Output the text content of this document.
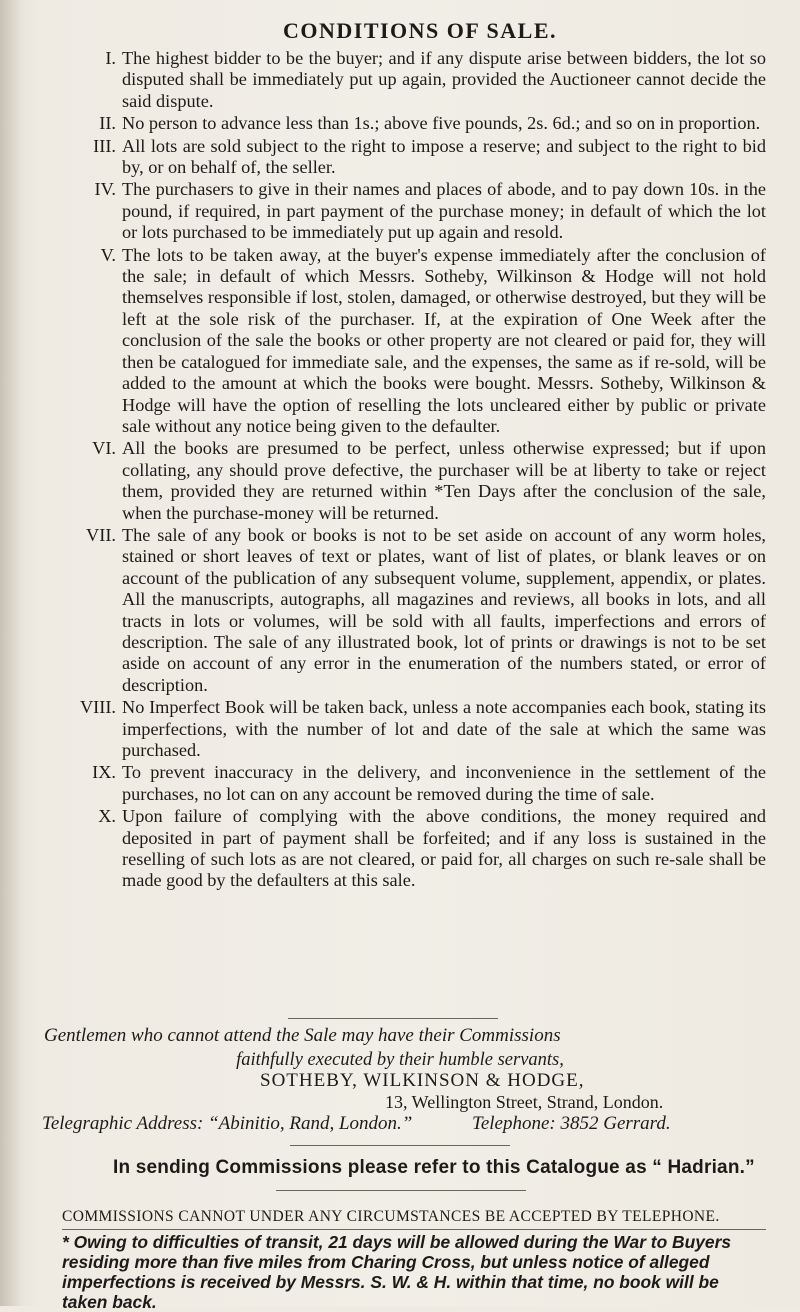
CONDITIONS OF SALE.
I. The highest bidder to be the buyer; and if any dispute arise between bidders, the lot so disputed shall be immediately put up again, provided the Auctioneer cannot decide the said dispute.
II. No person to advance less than 1s.; above five pounds, 2s. 6d.; and so on in proportion.
III. All lots are sold subject to the right to impose a reserve; and subject to the right to bid by, or on behalf of, the seller.
IV. The purchasers to give in their names and places of abode, and to pay down 10s. in the pound, if required, in part payment of the purchase money; in default of which the lot or lots purchased to be immediately put up again and resold.
V. The lots to be taken away, at the buyer's expense immediately after the conclusion of the sale; in default of which Messrs. Sotheby, Wilkinson & Hodge will not hold themselves responsible if lost, stolen, damaged, or otherwise destroyed, but they will be left at the sole risk of the purchaser. If, at the expiration of One Week after the conclusion of the sale the books or other property are not cleared or paid for, they will then be catalogued for immediate sale, and the expenses, the same as if re-sold, will be added to the amount at which the books were bought. Messrs. Sotheby, Wilkinson & Hodge will have the option of reselling the lots uncleared either by public or private sale without any notice being given to the defaulter.
VI. All the books are presumed to be perfect, unless otherwise expressed; but if upon collating, any should prove defective, the purchaser will be at liberty to take or reject them, provided they are returned within *Ten Days after the conclusion of the sale, when the purchase-money will be returned.
VII. The sale of any book or books is not to be set aside on account of any worm holes, stained or short leaves of text or plates, want of list of plates, or blank leaves or on account of the publication of any subsequent volume, supplement, appendix, or plates. All the manuscripts, autographs, all magazines and reviews, all books in lots, and all tracts in lots or volumes, will be sold with all faults, imperfections and errors of description. The sale of any illustrated book, lot of prints or drawings is not to be set aside on account of any error in the enumeration of the numbers stated, or error of description.
VIII. No Imperfect Book will be taken back, unless a note accompanies each book, stating its imperfections, with the number of lot and date of the sale at which the same was purchased.
IX. To prevent inaccuracy in the delivery, and inconvenience in the settlement of the purchases, no lot can on any account be removed during the time of sale.
X. Upon failure of complying with the above conditions, the money required and deposited in part of payment shall be forfeited; and if any loss is sustained in the reselling of such lots as are not cleared, or paid for, all charges on such re-sale shall be made good by the defaulters at this sale.

Gentlemen who cannot attend the Sale may have their Commissions

faithfully executed by their humble servants,

SOTHEBY, WILKINSON & HODGE,

13, Wellington Street, Strand, London.

Telegraphic Address: “Abinitio, Rand, London.”	Telephone: 3852 Gerrard.

In sending Commissions please refer to this Catalogue as “ Hadrian.”

COMMISSIONS CANNOT UNDER ANY CIRCUMSTANCES BE ACCEPTED BY TELEPHONE.

* Owing to difficulties of transit, 21 days will be allowed during the War to Buyers residing more than five miles from Charing Cross, but unless notice of alleged imperfections is received by Messrs. S. W. & H. within that time, no book will be taken back.
